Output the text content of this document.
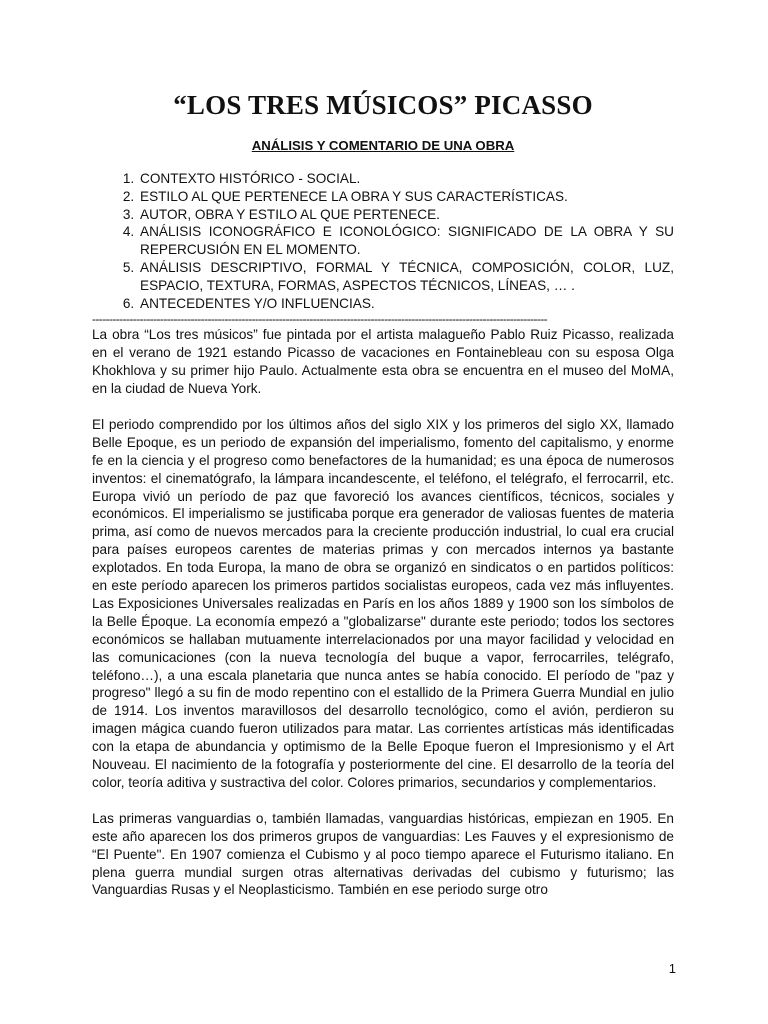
“LOS TRES MÚSICOS” PICASSO
ANÁLISIS Y COMENTARIO DE UNA OBRA
1. CONTEXTO HISTÓRICO - SOCIAL.
2. ESTILO AL QUE PERTENECE LA OBRA Y SUS CARACTERÍSTICAS.
3. AUTOR, OBRA Y ESTILO AL QUE PERTENECE.
4. ANÁLISIS ICONOGRÁFICO E ICONOLÓGICO: SIGNIFICADO DE LA OBRA Y SU REPERCUSIÓN EN EL MOMENTO.
5. ANÁLISIS DESCRIPTIVO, FORMAL Y TÉCNICA, COMPOSICIÓN, COLOR, LUZ, ESPACIO, TEXTURA, FORMAS, ASPECTOS TÉCNICOS, LÍNEAS, … .
6. ANTECEDENTES Y/O INFLUENCIAS.
--------------------------------------------------------------------------------------------------------------------------------------

La obra “Los tres músicos” fue pintada por el artista malagueño Pablo Ruiz Picasso, realizada en el verano de 1921 estando Picasso de vacaciones en Fontainebleau con su esposa Olga Khokhlova y su primer hijo Paulo. Actualmente esta obra se encuentra en el museo del MoMA, en la ciudad de Nueva York.

El periodo comprendido por los últimos años del siglo XIX y los primeros del siglo XX, llamado Belle Epoque, es un periodo de expansión del imperialismo, fomento del capitalismo, y enorme fe en la ciencia y el progreso como benefactores de la humanidad; es una época de numerosos inventos: el cinematógrafo, la lámpara incandescente, el teléfono, el telégrafo, el ferrocarril, etc. Europa vivió un período de paz que favoreció los avances científicos, técnicos, sociales y económicos. El imperialismo se justificaba porque era generador de valiosas fuentes de materia prima, así como de nuevos mercados para la creciente producción industrial, lo cual era crucial para países europeos carentes de materias primas y con mercados internos ya bastante explotados. En toda Europa, la mano de obra se organizó en sindicatos o en partidos políticos: en este período aparecen los primeros partidos socialistas europeos, cada vez más influyentes. Las Exposiciones Universales realizadas en París en los años 1889 y 1900 son los símbolos de la Belle Époque. La economía empezó a "globalizarse" durante este periodo; todos los sectores económicos se hallaban mutuamente interrelacionados por una mayor facilidad y velocidad en las comunicaciones (con la nueva tecnología del buque a vapor, ferrocarriles, telégrafo, teléfono…), a una escala planetaria que nunca antes se había conocido. El período de "paz y progreso" llegó a su fin de modo repentino con el estallido de la Primera Guerra Mundial en julio de 1914. Los inventos maravillosos del desarrollo tecnológico, como el avión, perdieron su imagen mágica cuando fueron utilizados para matar. Las corrientes artísticas más identificadas con la etapa de abundancia y optimismo de la Belle Epoque fueron el Impresionismo y el Art Nouveau. El nacimiento de la fotografía y posteriormente del cine. El desarrollo de la teoría del color, teoría aditiva y sustractiva del color. Colores primarios, secundarios y complementarios.

Las primeras vanguardias o, también llamadas, vanguardias históricas, empiezan en 1905. En este año aparecen los dos primeros grupos de vanguardias: Les Fauves y el expresionismo de “El Puente". En 1907 comienza el Cubismo y al poco tiempo aparece el Futurismo italiano. En plena guerra mundial surgen otras alternativas derivadas del cubismo y futurismo; las Vanguardias Rusas y el Neoplasticismo. También en ese periodo surge otro

1
